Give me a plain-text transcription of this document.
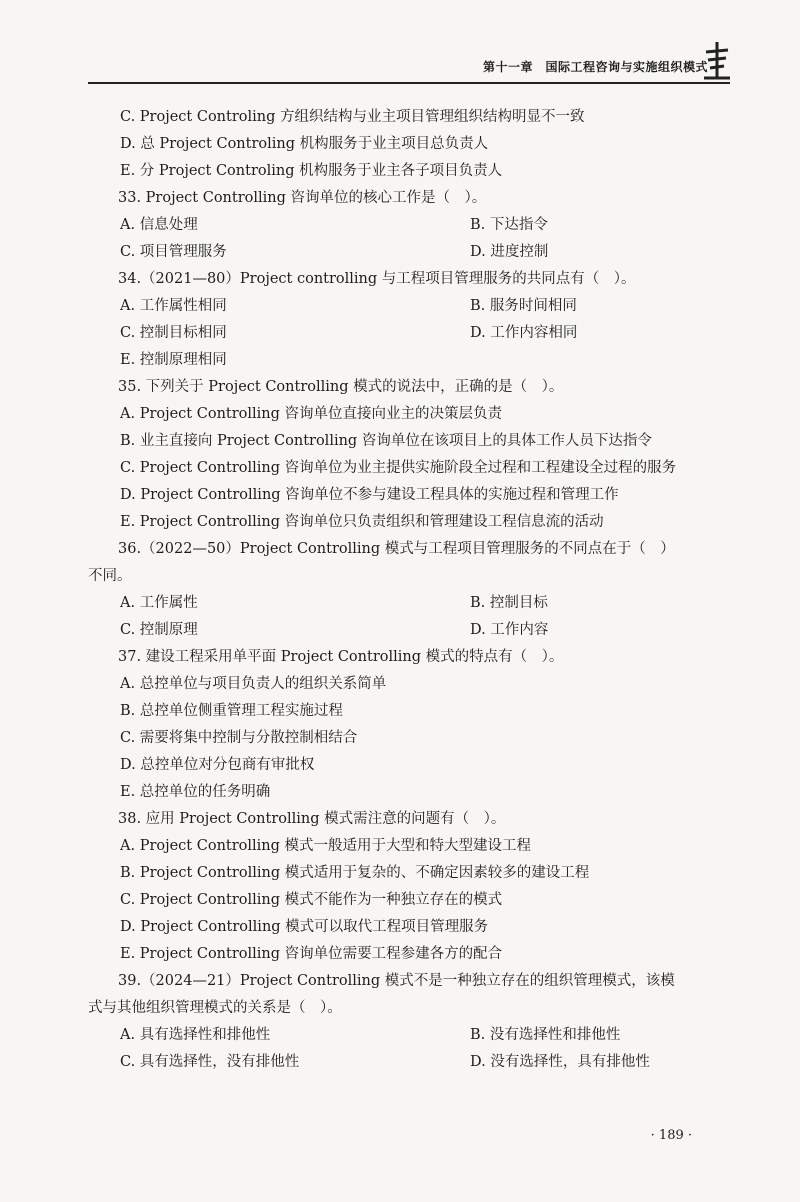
第十一章　国际工程咨询与实施组织模式
C. Project Controling 方组织结构与业主项目管理组织结构明显不一致
D. 总 Project Controling 机构服务于业主项目总负责人
E. 分 Project Controling 机构服务于业主各子项目负责人
33. Project Controlling 咨询单位的核心工作是（　）。
A. 信息处理	B. 下达指令
C. 项目管理服务	D. 进度控制
34.（2021—80）Project controlling 与工程项目管理服务的共同点有（　）。
A. 工作属性相同	B. 服务时间相同
C. 控制目标相同	D. 工作内容相同
E. 控制原理相同
35. 下列关于 Project Controlling 模式的说法中，正确的是（　）。
A. Project Controlling 咨询单位直接向业主的决策层负责
B. 业主直接向 Project Controlling 咨询单位在该项目上的具体工作人员下达指令
C. Project Controlling 咨询单位为业主提供实施阶段全过程和工程建设全过程的服务
D. Project Controlling 咨询单位不参与建设工程具体的实施过程和管理工作
E. Project Controlling 咨询单位只负责组织和管理建设工程信息流的活动
36.（2022—50）Project Controlling 模式与工程项目管理服务的不同点在于（　）
不同。
A. 工作属性	B. 控制目标
C. 控制原理	D. 工作内容
37. 建设工程采用单平面 Project Controlling 模式的特点有（　）。
A. 总控单位与项目负责人的组织关系简单
B. 总控单位侧重管理工程实施过程
C. 需要将集中控制与分散控制相结合
D. 总控单位对分包商有审批权
E. 总控单位的任务明确
38. 应用 Project Controlling 模式需注意的问题有（　）。
A. Project Controlling 模式一般适用于大型和特大型建设工程
B. Project Controlling 模式适用于复杂的、不确定因素较多的建设工程
C. Project Controlling 模式不能作为一种独立存在的模式
D. Project Controlling 模式可以取代工程项目管理服务
E. Project Controlling 咨询单位需要工程参建各方的配合
39.（2024—21）Project Controlling 模式不是一种独立存在的组织管理模式，该模
式与其他组织管理模式的关系是（　）。
A. 具有选择性和排他性	B. 没有选择性和排他性
C. 具有选择性，没有排他性	D. 没有选择性，具有排他性
· 189 ·
